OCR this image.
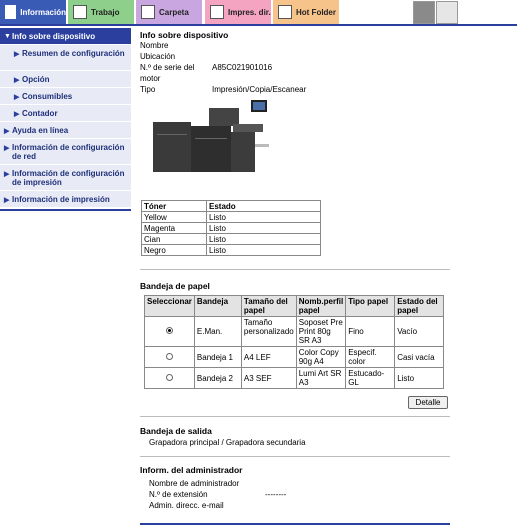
Información	Trabajo	Carpeta	Impres. dir.	Hot Folder
▼ Info sobre dispositivo
▶ Resumen de configuración
▶ Opción
▶ Consumibles
▶ Contador
▶ Ayuda en línea
▶ Información de configuración de red
▶ Información de configuración de impresión
▶ Información de impresión
Info sobre dispositivo
Nombre
Ubicación
N.º de serie del motor
A85C021901016
Tipo	Impresión/Copia/Escanear
Tóner	Estado
Yellow	Listo
Magenta	Listo
Cian	Listo
Negro	Listo
Bandeja de papel
Seleccionar	Bandeja	Tamaño del papel	Nomb.perfil papel	Tipo papel	Estado del papel
	E.Man.	Tamaño personalizado	Soposet Pre Print 80g SR A3	Fino	Vacío
	Bandeja 1	A4 LEF	Color Copy 90g A4	Especif. color	Casi vacía
	Bandeja 2	A3 SEF	Lumi Art SR A3	Estucado-GL	Listo
Detalle
Bandeja de salida
Grapadora principal / Grapadora secundaria
Inform. del administrador
Nombre de administrador
N.º de extensión	--------
Admin. direcc. e-mail
